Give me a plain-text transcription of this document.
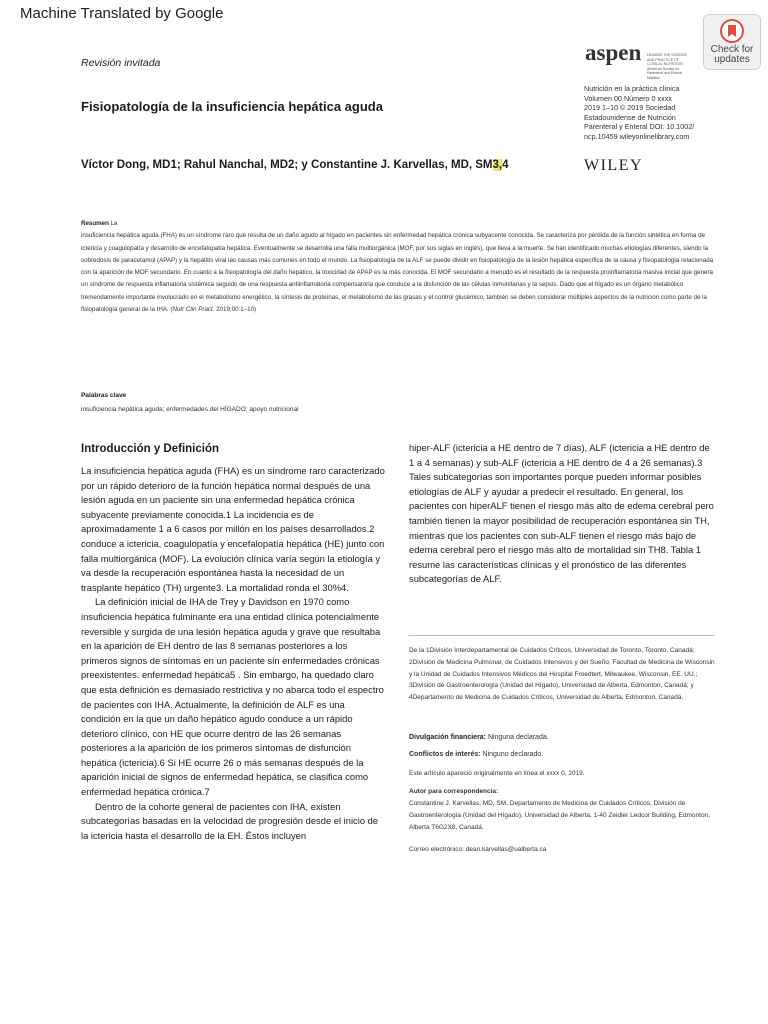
Machine Translated by Google
Check for updates
aspen LEADING THE SCIENCE AND PRACTICE OF CLINICAL NUTRITION American Society for Parenteral and Enteral Nutrition
Nutrición en la práctica clínica
Volumen 00 Número 0 xxxx
2019 1–10 © 2019 Sociedad
Estadounidense de Nutrición
Parenteral y Enteral DOI: 10.1002/
ncp.10459 wileyonlinelibrary.com
WILEY
Revisión invitada
Fisiopatología de la insuficiencia hepática aguda
Víctor Dong, MD1; Rahul Nanchal, MD2; y Constantine J. Karvellas, MD, SM3,4
Resumen La
insuficiencia hepática aguda (FHA) es un síndrome raro que resulta de un daño agudo al hígado en pacientes sin enfermedad hepática crónica subyacente conocida. Se caracteriza por pérdida de la función sintética en forma de ictericia y coagulopatía y desarrollo de encefalopatía hepática. Eventualmente se desarrolla una falla multiorgánica (MOF, por sus siglas en inglés), que lleva a la muerte. Se han identificado muchas etiologías diferentes, siendo la sobredosis de paracetamol (APAP) y la hepatitis viral las causas más comunes en todo el mundo. La fisiopatología de la ALF se puede dividir en fisiopatología de la lesión hepática específica de la causa y fisiopatología relacionada con la aparición de MOF secundario. En cuanto a la fisiopatología del daño hepático, la toxicidad de APAP es la más conocida. El MOF secundario a menudo es el resultado de la respuesta proinflamatoria masiva inicial que genera un síndrome de respuesta inflamatoria sistémica seguido de una respuesta antiinflamatoria compensatoria que conduce a la disfunción de las células inmunitarias y la sepsis. Dado que el hígado es un órgano metabólico tremendamente importante involucrado en el metabolismo energético, la síntesis de proteínas, el metabolismo de las grasas y el control glucémico, también se deben considerar múltiples aspectos de la nutrición como parte de la fisiopatología general de la IHA. (Nutr Clin Pract. 2019;00:1–10)
Palabras clave
insuficiencia hepática aguda; enfermedades del HÍGADO; apoyo nutricional
Introducción y Definición

La insuficiencia hepática aguda (FHA) es un síndrome raro caracterizado por un rápido deterioro de la función hepática normal después de una lesión aguda en un paciente sin una enfermedad hepática crónica subyacente previamente conocida.1 La incidencia es de aproximadamente 1 a 6 casos por millón en los países desarrollados.2 conduce a ictericia, coagulopatía y encefalopatía hepática (HE) junto con falla multiorgánica (MOF). La evolución clínica varía según la etiología y va desde la recuperación espontánea hasta la necesidad de un trasplante hepático (TH) urgente3. La mortalidad ronda el 30%4.

La definición inicial de IHA de Trey y Davidson en 1970 como insuficiencia hepática fulminante era una entidad clínica potencialmente reversible y surgida de una lesión hepática aguda y grave que resultaba en la aparición de EH dentro de las 8 semanas posteriores a los primeros signos de síntomas en un paciente sin enfermedades crónicas preexistentes. enfermedad hepática5 . Sin embargo, ha quedado claro que esta definición es demasiado restrictiva y no abarca todo el espectro de pacientes con IHA. Actualmente, la definición de ALF es una condición en la que un daño hepático agudo conduce a un rápido deterioro clínico, con HE que ocurre dentro de las 26 semanas posteriores a la aparición de los primeros síntomas de disfunción hepática (ictericia).6 Si HE ocurre 26 o más semanas después de la aparición inicial de signos de enfermedad hepática, se clasifica como enfermedad hepática crónica.7

Dentro de la cohorte general de pacientes con IHA, existen subcategorías basadas en la velocidad de progresión desde el inicio de la ictericia hasta el desarrollo de la EH. Éstos incluyen

hiper-ALF (ictericia a HE dentro de 7 días), ALF (ictericia a HE dentro de 1 a 4 semanas) y sub-ALF (ictericia a HE dentro de 4 a 26 semanas).3 Tales subcategorías son importantes porque pueden informar posibles etiologías de ALF y ayudar a predecir el resultado. En general, los pacientes con hiperALF tienen el riesgo más alto de edema cerebral pero también tienen la mayor posibilidad de recuperación espontánea sin TH, mientras que los pacientes con sub-ALF tienen el riesgo más bajo de edema cerebral pero el riesgo más alto de mortalidad sin TH8. Tabla 1 resume las características clínicas y el pronóstico de las diferentes subcategorías de ALF.

De la 1División Interdepartamental de Cuidados Críticos, Universidad de Toronto, Toronto, Canadá; 2División de Medicina Pulmonar, de Cuidados Intensivos y del Sueño, Facultad de Medicina de Wisconsin y la Unidad de Cuidados Intensivos Médicos del Hospital Froedtert, Milwaukee, Wisconsin, EE. UU.; 3División de Gastroenterología (Unidad del Hígado), Universidad de Alberta, Edmonton, Canadá; y 4Departamento de Medicina de Cuidados Críticos, Universidad de Alberta, Edmonton, Canadá.
Divulgación financiera: Ninguna declarada.
Conflictos de interés: Ninguno declarado.
Este artículo apareció originalmente en línea el xxxx 0, 2019.
Autor para correspondencia:
Constantine J. Karvellas, MD, SM, Departamento de Medicina de Cuidados Críticos, División de Gastroenterología (Unidad del Hígado), Universidad de Alberta, 1-40 Zeidler Ledcor Building, Edmonton, Alberta T6G2X8, Canadá.
Correo electrónico: dean.karvellas@ualberta.ca
